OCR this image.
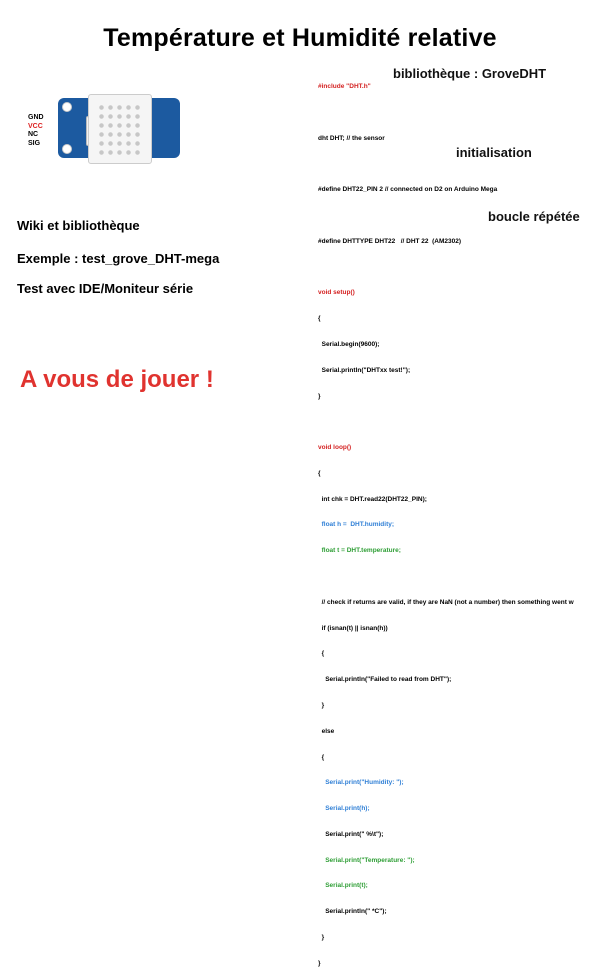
Température et Humidité relative
GND
VCC
NC
SIG
Wiki et bibliothèque
Exemple : test_grove_DHT-mega
Test avec IDE/Moniteur série
A vous de jouer !
bibliothèque : GroveDHT
initialisation
boucle répétée

#include "DHT.h"

dht DHT; // the sensor

#define DHT22_PIN 2 // connected on D2 on Arduino Mega

#define DHTTYPE DHT22   // DHT 22  (AM2302)

void setup()

{

Serial.begin(9600);

Serial.println("DHTxx test!");

}

void loop()

{

int chk = DHT.read22(DHT22_PIN);

float h =  DHT.humidity;

float t = DHT.temperature;

// check if returns are valid, if they are NaN (not a number) then something went w

if (isnan(t) || isnan(h))

{

Serial.println("Failed to read from DHT");

}

else

{

Serial.print("Humidity: ");

Serial.print(h);

Serial.print(" %\t");

Serial.print("Temperature: ");

Serial.print(t);

Serial.println(" *C");

}

}
